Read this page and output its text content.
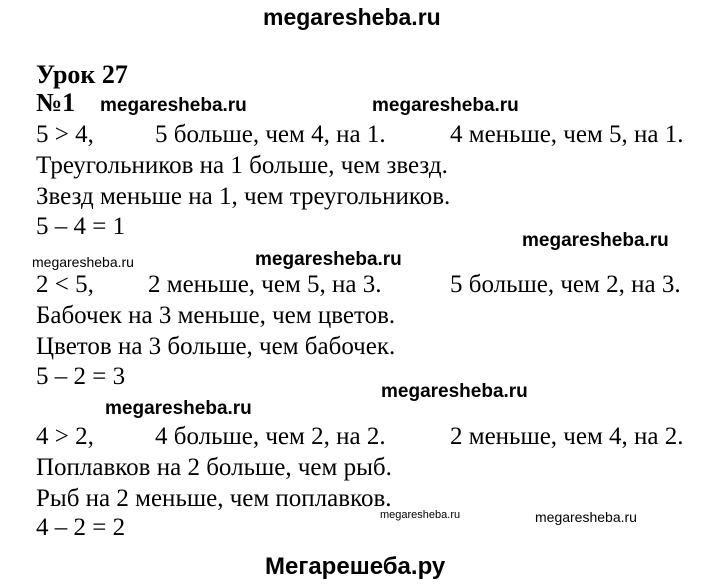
megaresheba.ru
Урок 27
№1 megaresheba.ru	megaresheba.ru
5 > 4, 5 больше, чем 4, на 1.	4 меньше, чем 5, на 1.
Треугольников на 1 больше, чем звезд.
Звезд меньше на 1, чем треугольников.
5 – 4 = 1
megaresheba.ru
megaresheba.ru	megaresheba.ru
2 < 5, 2 меньше, чем 5, на 3.	5 больше, чем 2, на 3.
Бабочек на 3 меньше, чем цветов.
Цветов на 3 больше, чем бабочек.
5 – 2 = 3
megaresheba.ru
megaresheba.ru
4 > 2, 4 больше, чем 2, на 2.	2 меньше, чем 4, на 2.
Поплавков на 2 больше, чем рыб.
Рыб на 2 меньше, чем поплавков.
4 – 2 = 2	megaresheba.ru	megaresheba.ru
Мегарешеба.ру
